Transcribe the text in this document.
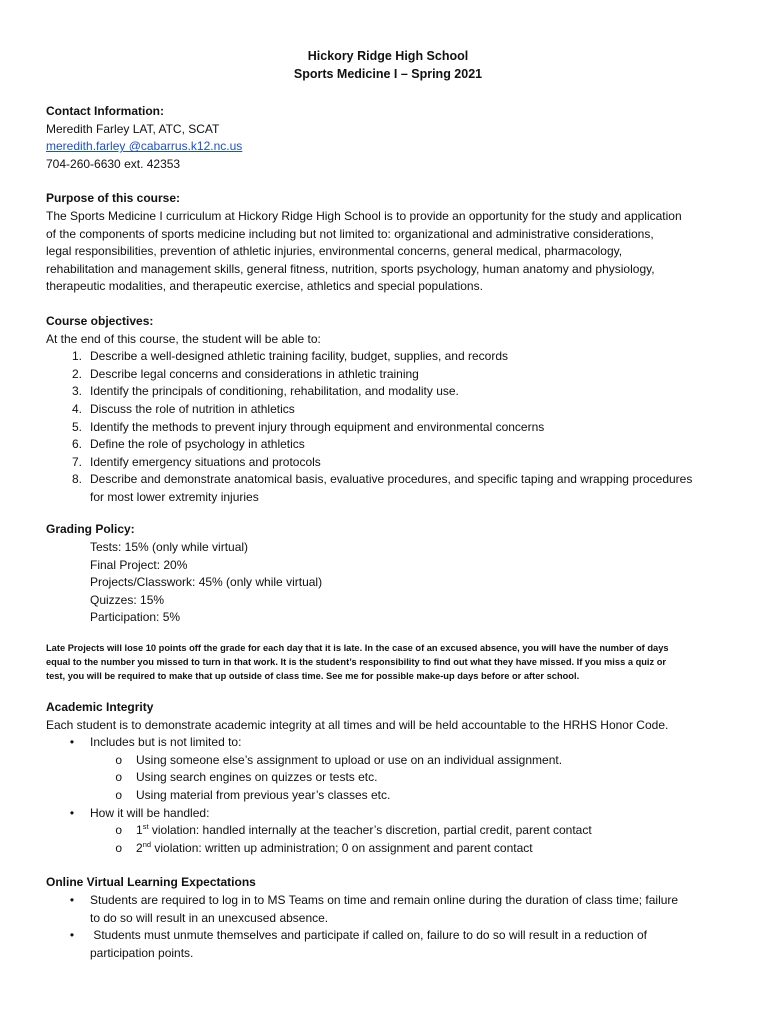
Hickory Ridge High School
Sports Medicine I – Spring 2021
Contact Information:
Meredith Farley LAT, ATC, SCAT
meredith.farley @cabarrus.k12.nc.us
704-260-6630 ext. 42353
Purpose of this course:
The Sports Medicine I curriculum at Hickory Ridge High School is to provide an opportunity for the study and application
of the components of sports medicine including but not limited to: organizational and administrative considerations,
legal responsibilities, prevention of athletic injuries, environmental concerns, general medical, pharmacology,
rehabilitation and management skills, general fitness, nutrition, sports psychology, human anatomy and physiology,
therapeutic modalities, and therapeutic exercise, athletics and special populations.
Course objectives:
At the end of this course, the student will be able to:
1. Describe a well-designed athletic training facility, budget, supplies, and records
2. Describe legal concerns and considerations in athletic training
3. Identify the principals of conditioning, rehabilitation, and modality use.
4. Discuss the role of nutrition in athletics
5. Identify the methods to prevent injury through equipment and environmental concerns
6. Define the role of psychology in athletics
7. Identify emergency situations and protocols
8. Describe and demonstrate anatomical basis, evaluative procedures, and specific taping and wrapping procedures
for most lower extremity injuries
Grading Policy:
Tests: 15% (only while virtual)
Final Project: 20%
Projects/Classwork: 45% (only while virtual)
Quizzes: 15%
Participation: 5%
Late Projects will lose 10 points off the grade for each day that it is late. In the case of an excused absence, you will have the number of days
equal to the number you missed to turn in that work. It is the student’s responsibility to find out what they have missed. If you miss a quiz or
test, you will be required to make that up outside of class time. See me for possible make-up days before or after school.
Academic Integrity
Each student is to demonstrate academic integrity at all times and will be held accountable to the HRHS Honor Code.
•	Includes but is not limited to:
o	Using someone else’s assignment to upload or use on an individual assignment.
o	Using search engines on quizzes or tests etc.
o	Using material from previous year’s classes etc.
•	How it will be handled:
o	1st violation: handled internally at the teacher’s discretion, partial credit, parent contact
o	2nd violation: written up administration; 0 on assignment and parent contact
Online Virtual Learning Expectations
•	Students are required to log in to MS Teams on time and remain online during the duration of class time; failure
to do so will result in an unexcused absence.
•	Students must unmute themselves and participate if called on, failure to do so will result in a reduction of
participation points.
